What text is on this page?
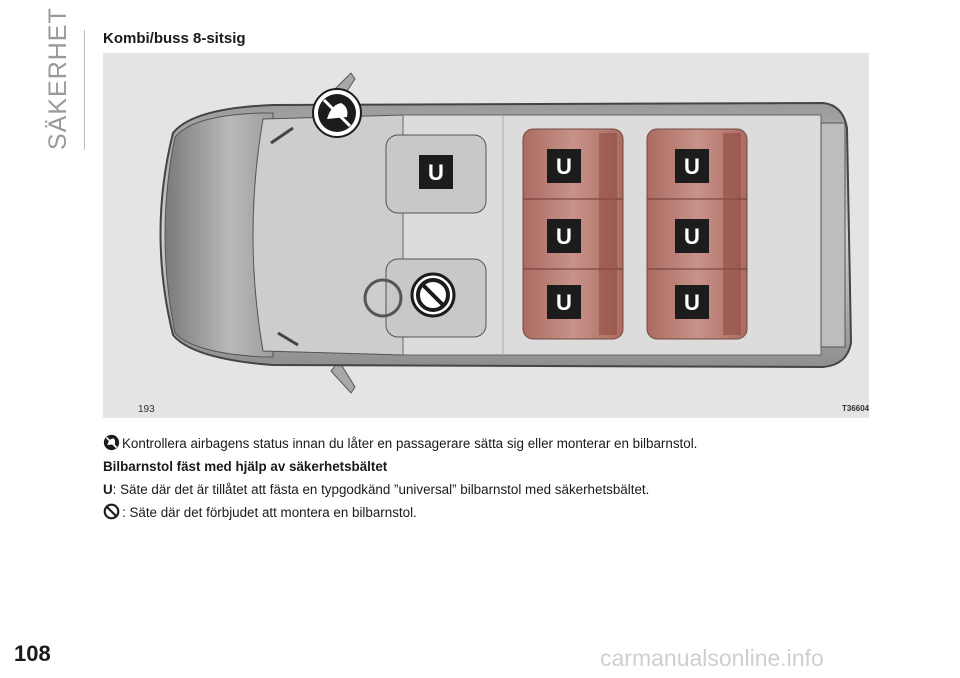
SÄKERHET Kombi/buss 8-sitsig
U	U
U
U
U
U
U
193	T36604

Kontrollera airbagens status innan du låter en passagerare sätta sig eller monterar en bilbarnstol.

Bilbarnstol fäst med hjälp av säkerhetsbältet

U: Säte där det är tillåtet att fästa en typgodkänd ”universal” bilbarnstol med säkerhetsbältet.

: Säte där det förbjudet att montera en bilbarnstol.

108	carmanualsonline.info
